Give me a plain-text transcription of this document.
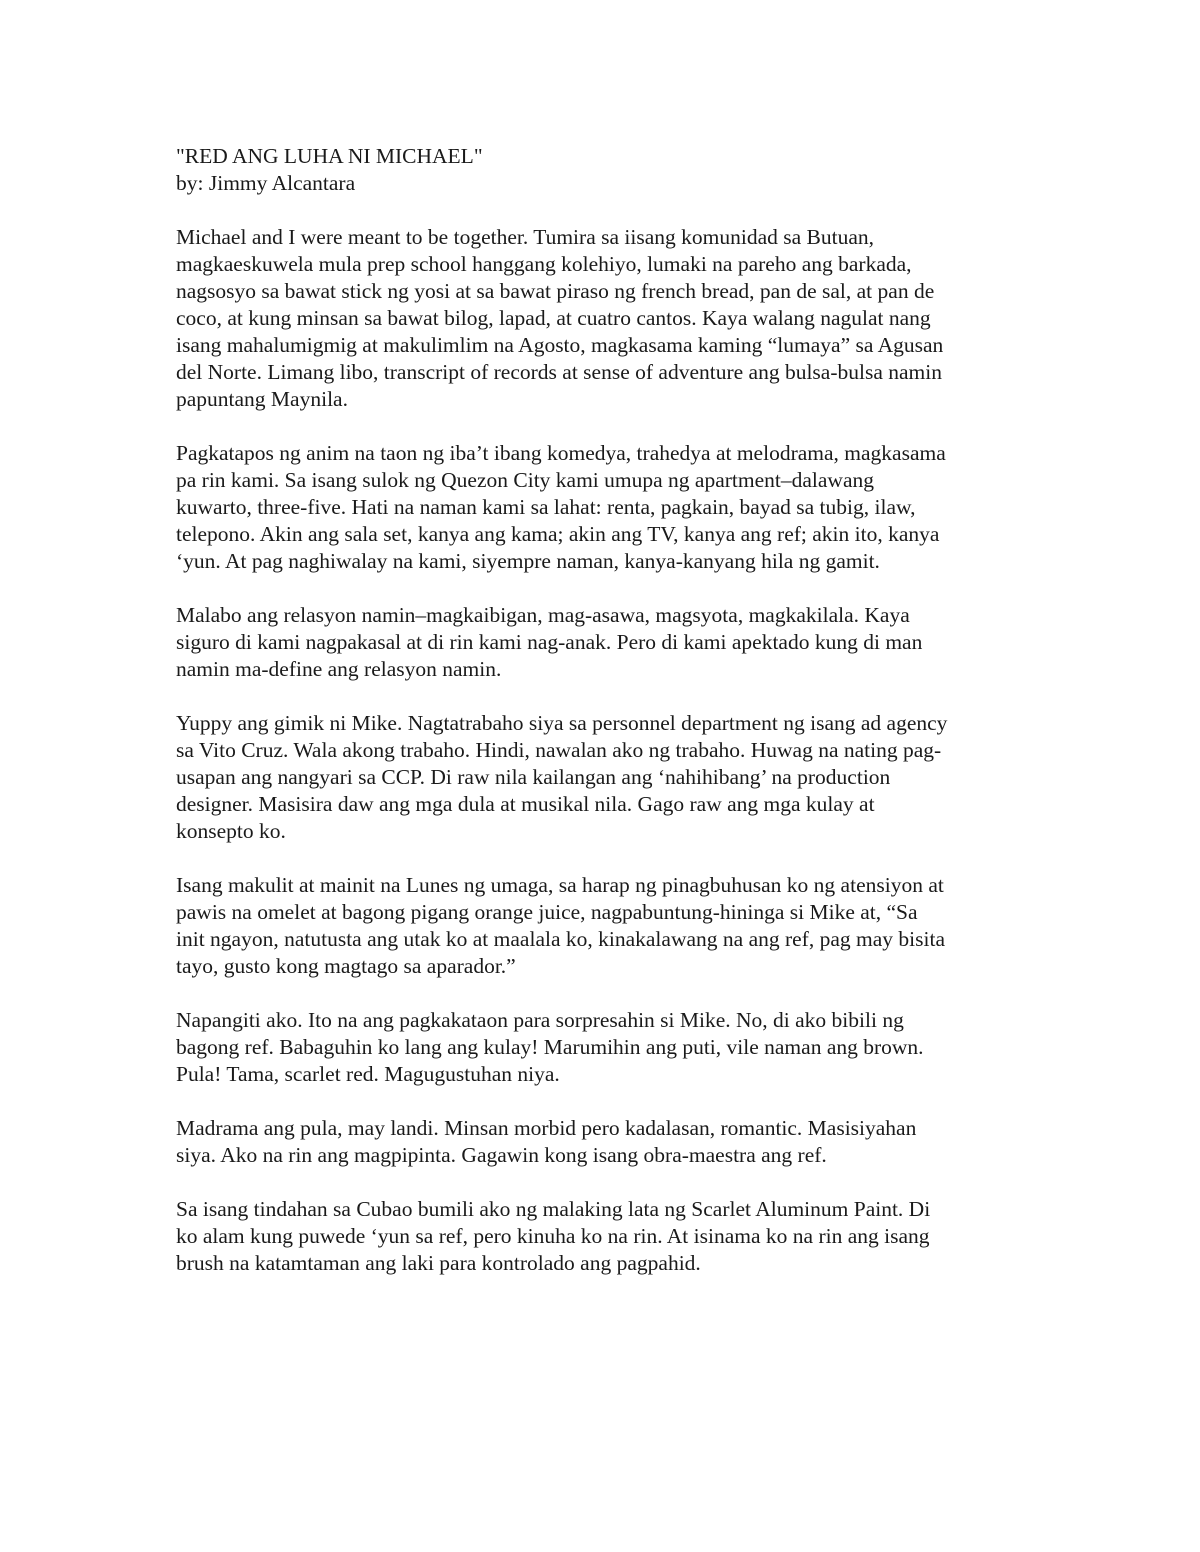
"RED ANG LUHA NI MICHAEL"
by: Jimmy Alcantara
Michael and I were meant to be together. Tumira sa iisang komunidad sa Butuan,
magkaeskuwela mula prep school hanggang kolehiyo, lumaki na pareho ang barkada,
nagsosyo sa bawat stick ng yosi at sa bawat piraso ng french bread, pan de sal, at pan de
coco, at kung minsan sa bawat bilog, lapad, at cuatro cantos. Kaya walang nagulat nang
isang mahalumigmig at makulimlim na Agosto, magkasama kaming “lumaya” sa Agusan
del Norte. Limang libo, transcript of records at sense of adventure ang bulsa-bulsa namin
papuntang Maynila.
Pagkatapos ng anim na taon ng iba’t ibang komedya, trahedya at melodrama, magkasama
pa rin kami. Sa isang sulok ng Quezon City kami umupa ng apartment–dalawang
kuwarto, three-five. Hati na naman kami sa lahat: renta, pagkain, bayad sa tubig, ilaw,
telepono. Akin ang sala set, kanya ang kama; akin ang TV, kanya ang ref; akin ito, kanya
‘yun. At pag naghiwalay na kami, siyempre naman, kanya-kanyang hila ng gamit.
Malabo ang relasyon namin–magkaibigan, mag-asawa, magsyota, magkakilala. Kaya
siguro di kami nagpakasal at di rin kami nag-anak. Pero di kami apektado kung di man
namin ma-define ang relasyon namin.
Yuppy ang gimik ni Mike. Nagtatrabaho siya sa personnel department ng isang ad agency
sa Vito Cruz. Wala akong trabaho. Hindi, nawalan ako ng trabaho. Huwag na nating pag-
usapan ang nangyari sa CCP. Di raw nila kailangan ang ‘nahihibang’ na production
designer. Masisira daw ang mga dula at musikal nila. Gago raw ang mga kulay at
konsepto ko.
Isang makulit at mainit na Lunes ng umaga, sa harap ng pinagbuhusan ko ng atensiyon at
pawis na omelet at bagong pigang orange juice, nagpabuntung-hininga si Mike at, “Sa
init ngayon, natutusta ang utak ko at maalala ko, kinakalawang na ang ref, pag may bisita
tayo, gusto kong magtago sa aparador.”
Napangiti ako. Ito na ang pagkakataon para sorpresahin si Mike. No, di ako bibili ng
bagong ref. Babaguhin ko lang ang kulay! Marumihin ang puti, vile naman ang brown.
Pula! Tama, scarlet red. Magugustuhan niya.
Madrama ang pula, may landi. Minsan morbid pero kadalasan, romantic. Masisiyahan
siya. Ako na rin ang magpipinta. Gagawin kong isang obra-maestra ang ref.
Sa isang tindahan sa Cubao bumili ako ng malaking lata ng Scarlet Aluminum Paint. Di
ko alam kung puwede ‘yun sa ref, pero kinuha ko na rin. At isinama ko na rin ang isang
brush na katamtaman ang laki para kontrolado ang pagpahid.
